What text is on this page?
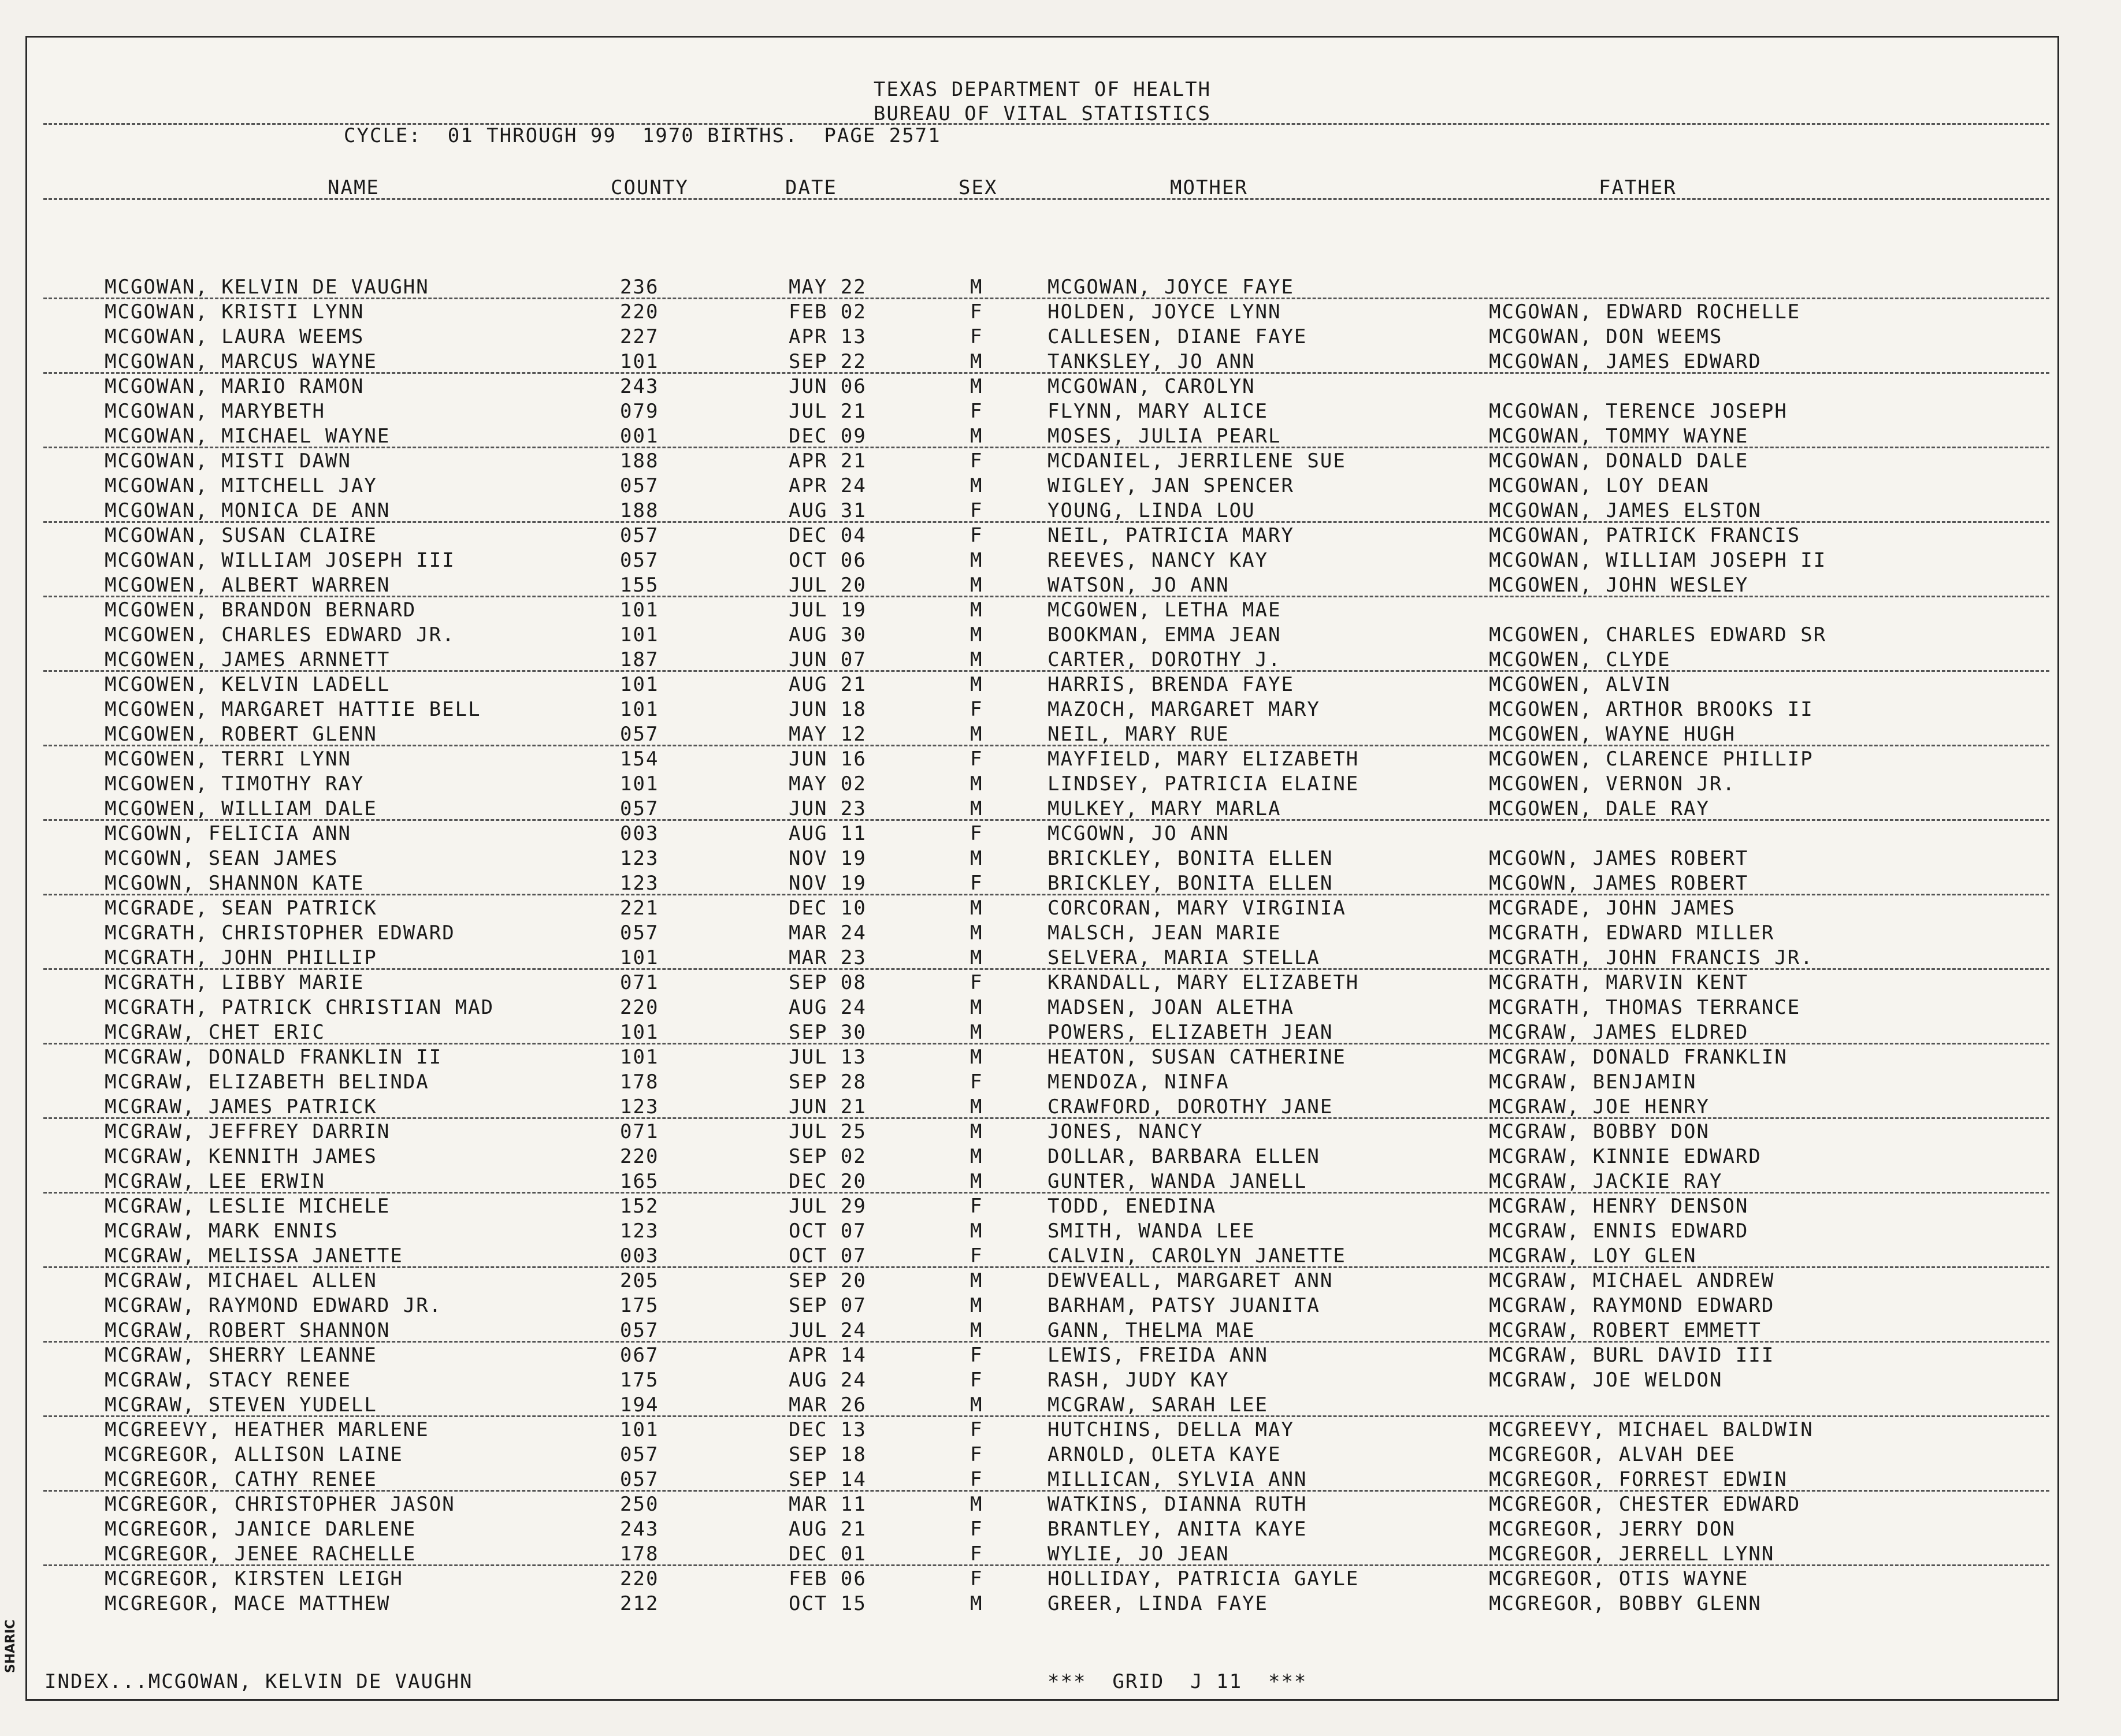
TEXAS DEPARTMENT OF HEALTH
BUREAU OF VITAL STATISTICS
CYCLE:  01 THROUGH 99  1970 BIRTHS.  PAGE 2571
NAME	COUNTY	DATE	SEX	MOTHER	FATHER
MCGOWAN, KELVIN DE VAUGHN	236	MAY 22	M	MCGOWAN, JOYCE FAYE
MCGOWAN, KRISTI LYNN	220	FEB 02	F	HOLDEN, JOYCE LYNN	MCGOWAN, EDWARD ROCHELLE
MCGOWAN, LAURA WEEMS	227	APR 13	F	CALLESEN, DIANE FAYE	MCGOWAN, DON WEEMS
MCGOWAN, MARCUS WAYNE	101	SEP 22	M	TANKSLEY, JO ANN	MCGOWAN, JAMES EDWARD
MCGOWAN, MARIO RAMON	243	JUN 06	M	MCGOWAN, CAROLYN
MCGOWAN, MARYBETH	079	JUL 21	F	FLYNN, MARY ALICE	MCGOWAN, TERENCE JOSEPH
MCGOWAN, MICHAEL WAYNE	001	DEC 09	M	MOSES, JULIA PEARL	MCGOWAN, TOMMY WAYNE
MCGOWAN, MISTI DAWN	188	APR 21	F	MCDANIEL, JERRILENE SUE	MCGOWAN, DONALD DALE
MCGOWAN, MITCHELL JAY	057	APR 24	M	WIGLEY, JAN SPENCER	MCGOWAN, LOY DEAN
MCGOWAN, MONICA DE ANN	188	AUG 31	F	YOUNG, LINDA LOU	MCGOWAN, JAMES ELSTON
MCGOWAN, SUSAN CLAIRE	057	DEC 04	F	NEIL, PATRICIA MARY	MCGOWAN, PATRICK FRANCIS
MCGOWAN, WILLIAM JOSEPH III	057	OCT 06	M	REEVES, NANCY KAY	MCGOWAN, WILLIAM JOSEPH II
MCGOWEN, ALBERT WARREN	155	JUL 20	M	WATSON, JO ANN	MCGOWEN, JOHN WESLEY
MCGOWEN, BRANDON BERNARD	101	JUL 19	M	MCGOWEN, LETHA MAE
MCGOWEN, CHARLES EDWARD JR.	101	AUG 30	M	BOOKMAN, EMMA JEAN	MCGOWEN, CHARLES EDWARD SR
MCGOWEN, JAMES ARNNETT	187	JUN 07	M	CARTER, DOROTHY J.	MCGOWEN, CLYDE
MCGOWEN, KELVIN LADELL	101	AUG 21	M	HARRIS, BRENDA FAYE	MCGOWEN, ALVIN
MCGOWEN, MARGARET HATTIE BELL	101	JUN 18	F	MAZOCH, MARGARET MARY	MCGOWEN, ARTHOR BROOKS II
MCGOWEN, ROBERT GLENN	057	MAY 12	M	NEIL, MARY RUE	MCGOWEN, WAYNE HUGH
MCGOWEN, TERRI LYNN	154	JUN 16	F	MAYFIELD, MARY ELIZABETH	MCGOWEN, CLARENCE PHILLIP
MCGOWEN, TIMOTHY RAY	101	MAY 02	M	LINDSEY, PATRICIA ELAINE	MCGOWEN, VERNON JR.
MCGOWEN, WILLIAM DALE	057	JUN 23	M	MULKEY, MARY MARLA	MCGOWEN, DALE RAY
MCGOWN, FELICIA ANN	003	AUG 11	F	MCGOWN, JO ANN
MCGOWN, SEAN JAMES	123	NOV 19	M	BRICKLEY, BONITA ELLEN	MCGOWN, JAMES ROBERT
MCGOWN, SHANNON KATE	123	NOV 19	F	BRICKLEY, BONITA ELLEN	MCGOWN, JAMES ROBERT
MCGRADE, SEAN PATRICK	221	DEC 10	M	CORCORAN, MARY VIRGINIA	MCGRADE, JOHN JAMES
MCGRATH, CHRISTOPHER EDWARD	057	MAR 24	M	MALSCH, JEAN MARIE	MCGRATH, EDWARD MILLER
MCGRATH, JOHN PHILLIP	101	MAR 23	M	SELVERA, MARIA STELLA	MCGRATH, JOHN FRANCIS JR.
MCGRATH, LIBBY MARIE	071	SEP 08	F	KRANDALL, MARY ELIZABETH	MCGRATH, MARVIN KENT
MCGRATH, PATRICK CHRISTIAN MAD	220	AUG 24	M	MADSEN, JOAN ALETHA	MCGRATH, THOMAS TERRANCE
MCGRAW, CHET ERIC	101	SEP 30	M	POWERS, ELIZABETH JEAN	MCGRAW, JAMES ELDRED
MCGRAW, DONALD FRANKLIN II	101	JUL 13	M	HEATON, SUSAN CATHERINE	MCGRAW, DONALD FRANKLIN
MCGRAW, ELIZABETH BELINDA	178	SEP 28	F	MENDOZA, NINFA	MCGRAW, BENJAMIN
MCGRAW, JAMES PATRICK	123	JUN 21	M	CRAWFORD, DOROTHY JANE	MCGRAW, JOE HENRY
MCGRAW, JEFFREY DARRIN	071	JUL 25	M	JONES, NANCY	MCGRAW, BOBBY DON
MCGRAW, KENNITH JAMES	220	SEP 02	M	DOLLAR, BARBARA ELLEN	MCGRAW, KINNIE EDWARD
MCGRAW, LEE ERWIN	165	DEC 20	M	GUNTER, WANDA JANELL	MCGRAW, JACKIE RAY
MCGRAW, LESLIE MICHELE	152	JUL 29	F	TODD, ENEDINA	MCGRAW, HENRY DENSON
MCGRAW, MARK ENNIS	123	OCT 07	M	SMITH, WANDA LEE	MCGRAW, ENNIS EDWARD
MCGRAW, MELISSA JANETTE	003	OCT 07	F	CALVIN, CAROLYN JANETTE	MCGRAW, LOY GLEN
MCGRAW, MICHAEL ALLEN	205	SEP 20	M	DEWVEALL, MARGARET ANN	MCGRAW, MICHAEL ANDREW
MCGRAW, RAYMOND EDWARD JR.	175	SEP 07	M	BARHAM, PATSY JUANITA	MCGRAW, RAYMOND EDWARD
MCGRAW, ROBERT SHANNON	057	JUL 24	M	GANN, THELMA MAE	MCGRAW, ROBERT EMMETT
MCGRAW, SHERRY LEANNE	067	APR 14	F	LEWIS, FREIDA ANN	MCGRAW, BURL DAVID III
MCGRAW, STACY RENEE	175	AUG 24	F	RASH, JUDY KAY	MCGRAW, JOE WELDON
MCGRAW, STEVEN YUDELL	194	MAR 26	M	MCGRAW, SARAH LEE
MCGREEVY, HEATHER MARLENE	101	DEC 13	F	HUTCHINS, DELLA MAY	MCGREEVY, MICHAEL BALDWIN
MCGREGOR, ALLISON LAINE	057	SEP 18	F	ARNOLD, OLETA KAYE	MCGREGOR, ALVAH DEE
MCGREGOR, CATHY RENEE	057	SEP 14	F	MILLICAN, SYLVIA ANN	MCGREGOR, FORREST EDWIN
MCGREGOR, CHRISTOPHER JASON	250	MAR 11	M	WATKINS, DIANNA RUTH	MCGREGOR, CHESTER EDWARD
MCGREGOR, JANICE DARLENE	243	AUG 21	F	BRANTLEY, ANITA KAYE	MCGREGOR, JERRY DON
MCGREGOR, JENEE RACHELLE	178	DEC 01	F	WYLIE, JO JEAN	MCGREGOR, JERRELL LYNN
MCGREGOR, KIRSTEN LEIGH	220	FEB 06	F	HOLLIDAY, PATRICIA GAYLE	MCGREGOR, OTIS WAYNE
MCGREGOR, MACE MATTHEW	212	OCT 15	M	GREER, LINDA FAYE	MCGREGOR, BOBBY GLENN
INDEX...MCGOWAN, KELVIN DE VAUGHN	***  GRID  J 11  ***
SHARIC
